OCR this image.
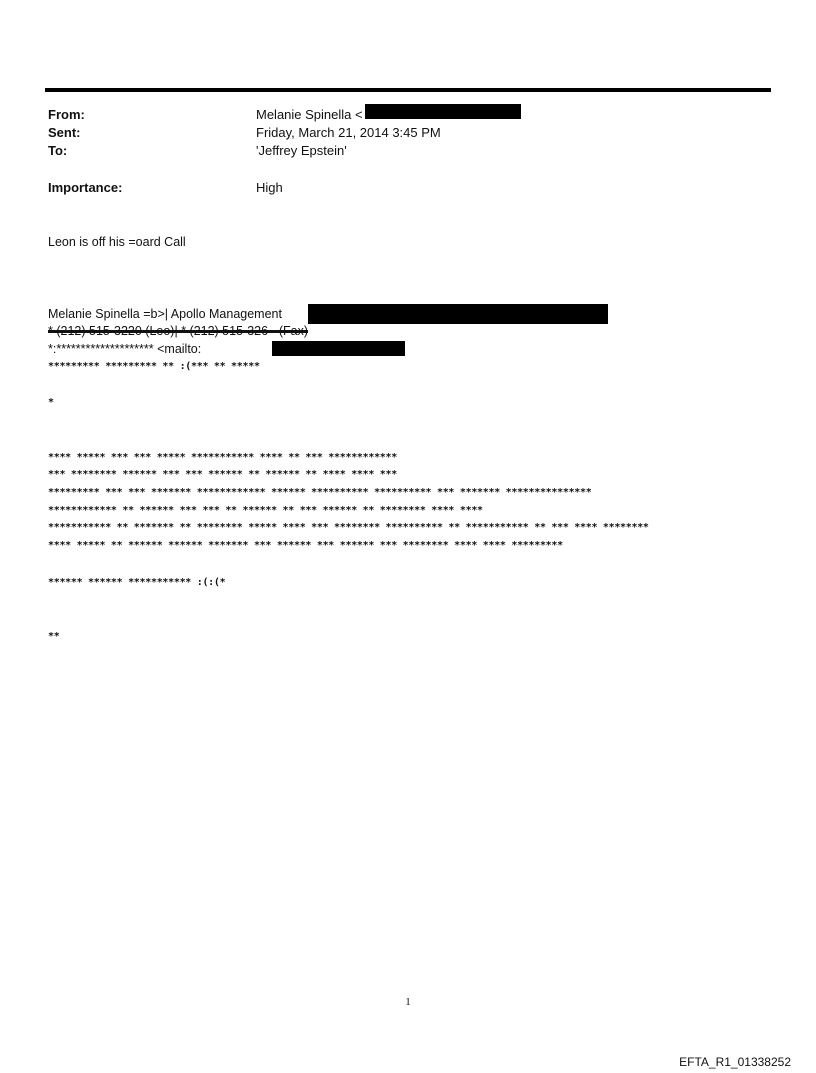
From:	Melanie Spinella <
Sent:	Friday, March 21, 2014 3:45 PM
To:	'Jeffrey Epstein'
Importance:	High
Leon is off his =oard Call
Melanie Spinella =b>| Apollo Management
* (212) 515-3220 (Leo)| * (212) 515-326~ (Fax)
*:******************** <mailto:
********* ********* ** :(*** ** *****
*
**** ***** *** *** ***** *********** **** ** *** ************
*** ******** ****** *** *** ****** ** ****** ** **** **** ***
********* *** *** ******* ************ ****** ********** ********** *** ******* ***************
************ ** ****** *** *** ** ****** ** *** ****** ** ******** **** ****
*********** ** ******* ** ******** ***** **** *** ******** ********** ** *********** ** *** **** ********
**** ***** ** ****** ****** ******* *** ****** *** ****** *** ******** **** **** *********
****** ****** *********** :(:(*
**
1
EFTA_R1_01338252
